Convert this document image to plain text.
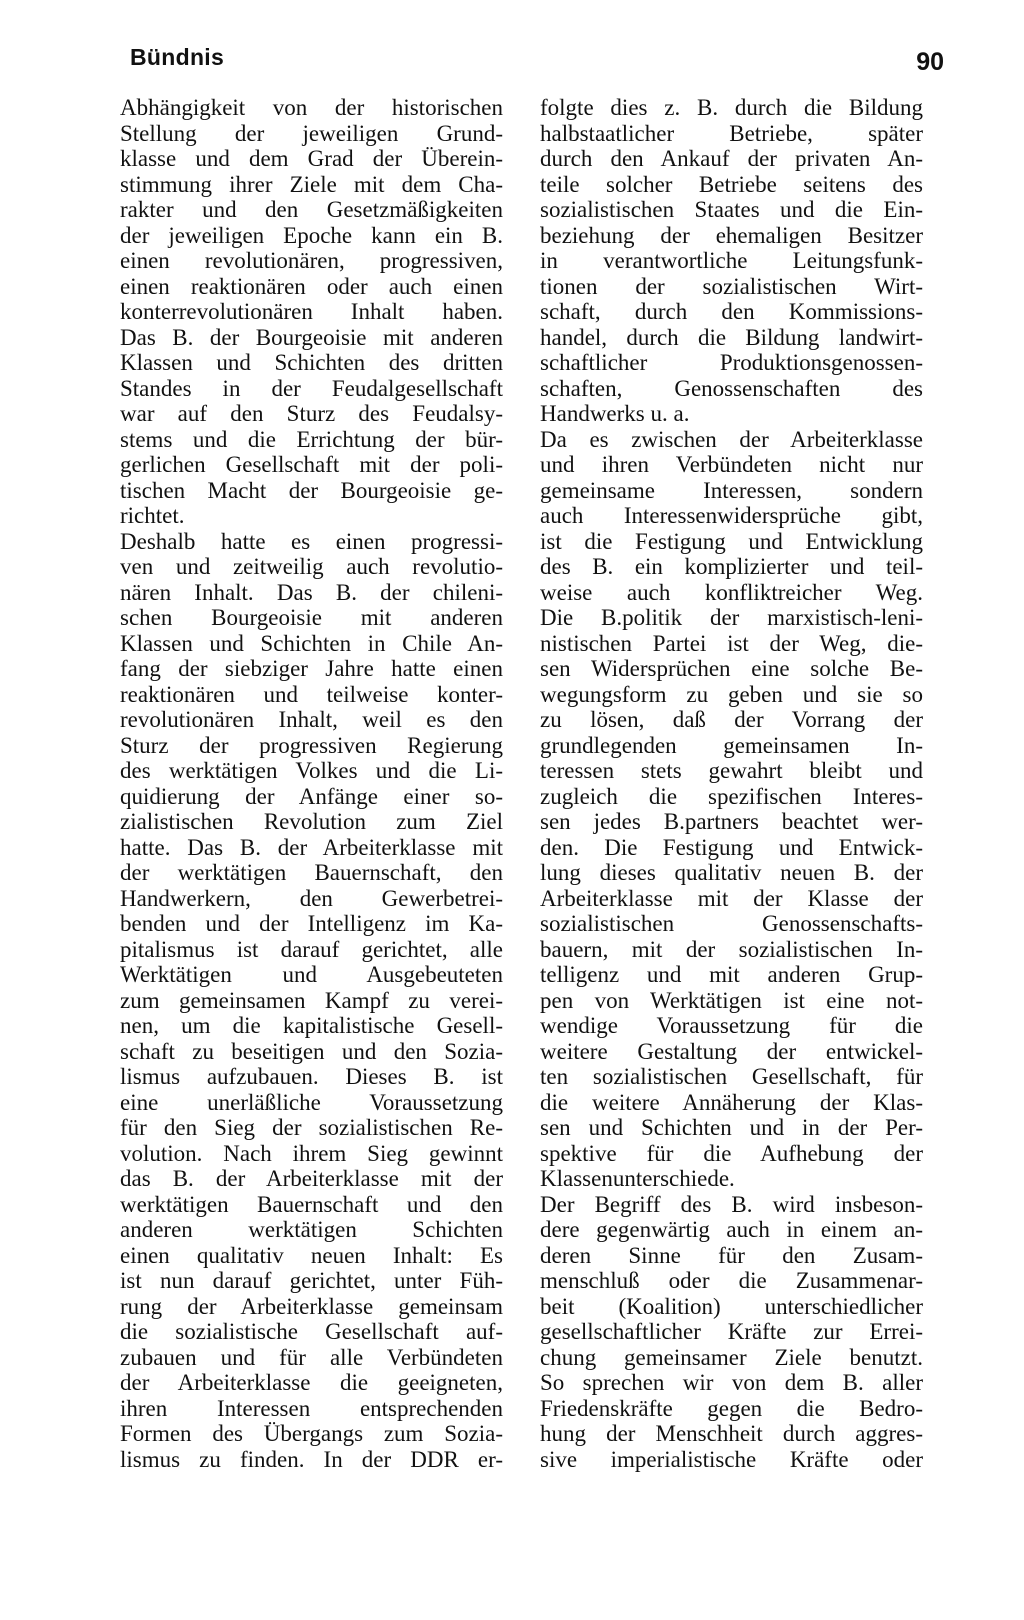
Bündnis	90
Abhängigkeit von der historischen
Stellung der jeweiligen Grund-
klasse und dem Grad der Überein-
stimmung ihrer Ziele mit dem Cha-
rakter und den Gesetzmäßigkeiten
der jeweiligen Epoche kann ein B.
einen revolutionären, progressiven,
einen reaktionären oder auch einen
konterrevolutionären Inhalt haben.
Das B. der Bourgeoisie mit anderen
Klassen und Schichten des dritten
Standes in der Feudalgesellschaft
war auf den Sturz des Feudalsy-
stems und die Errichtung der bür-
gerlichen Gesellschaft mit der poli-
tischen Macht der Bourgeoisie ge-
richtet.
Deshalb hatte es einen progressi-
ven und zeitweilig auch revolutio-
nären Inhalt. Das B. der chileni-
schen Bourgeoisie mit anderen
Klassen und Schichten in Chile An-
fang der siebziger Jahre hatte einen
reaktionären und teilweise konter-
revolutionären Inhalt, weil es den
Sturz der progressiven Regierung
des werktätigen Volkes und die Li-
quidierung der Anfänge einer so-
zialistischen Revolution zum Ziel
hatte. Das B. der Arbeiterklasse mit
der werktätigen Bauernschaft, den
Handwerkern, den Gewerbetrei-
benden und der Intelligenz im Ka-
pitalismus ist darauf gerichtet, alle
Werktätigen und Ausgebeuteten
zum gemeinsamen Kampf zu verei-
nen, um die kapitalistische Gesell-
schaft zu beseitigen und den Sozia-
lismus aufzubauen. Dieses B. ist
eine unerläßliche Voraussetzung
für den Sieg der sozialistischen Re-
volution. Nach ihrem Sieg gewinnt
das B. der Arbeiterklasse mit der
werktätigen Bauernschaft und den
anderen werktätigen Schichten
einen qualitativ neuen Inhalt: Es
ist nun darauf gerichtet, unter Füh-
rung der Arbeiterklasse gemeinsam
die sozialistische Gesellschaft auf-
zubauen und für alle Verbündeten
der Arbeiterklasse die geeigneten,
ihren Interessen entsprechenden
Formen des Übergangs zum Sozia-
lismus zu finden. In der DDR er-
folgte dies z. B. durch die Bildung
halbstaatlicher Betriebe, später
durch den Ankauf der privaten An-
teile solcher Betriebe seitens des
sozialistischen Staates und die Ein-
beziehung der ehemaligen Besitzer
in verantwortliche Leitungsfunk-
tionen der sozialistischen Wirt-
schaft, durch den Kommissions-
handel, durch die Bildung landwirt-
schaftlicher Produktionsgenossen-
schaften, Genossenschaften des
Handwerks u. a.
Da es zwischen der Arbeiterklasse
und ihren Verbündeten nicht nur
gemeinsame Interessen, sondern
auch Interessenwidersprüche gibt,
ist die Festigung und Entwicklung
des B. ein komplizierter und teil-
weise auch konfliktreicher Weg.
Die B.politik der marxistisch-leni-
nistischen Partei ist der Weg, die-
sen Widersprüchen eine solche Be-
wegungsform zu geben und sie so
zu lösen, daß der Vorrang der
grundlegenden gemeinsamen In-
teressen stets gewahrt bleibt und
zugleich die spezifischen Interes-
sen jedes B.partners beachtet wer-
den. Die Festigung und Entwick-
lung dieses qualitativ neuen B. der
Arbeiterklasse mit der Klasse der
sozialistischen Genossenschafts-
bauern, mit der sozialistischen In-
telligenz und mit anderen Grup-
pen von Werktätigen ist eine not-
wendige Voraussetzung für die
weitere Gestaltung der entwickel-
ten sozialistischen Gesellschaft, für
die weitere Annäherung der Klas-
sen und Schichten und in der Per-
spektive für die Aufhebung der
Klassenunterschiede.
Der Begriff des B. wird insbeson-
dere gegenwärtig auch in einem an-
deren Sinne für den Zusam-
menschluß oder die Zusammenar-
beit (Koalition) unterschiedlicher
gesellschaftlicher Kräfte zur Errei-
chung gemeinsamer Ziele benutzt.
So sprechen wir von dem B. aller
Friedenskräfte gegen die Bedro-
hung der Menschheit durch aggres-
sive imperialistische Kräfte oder
